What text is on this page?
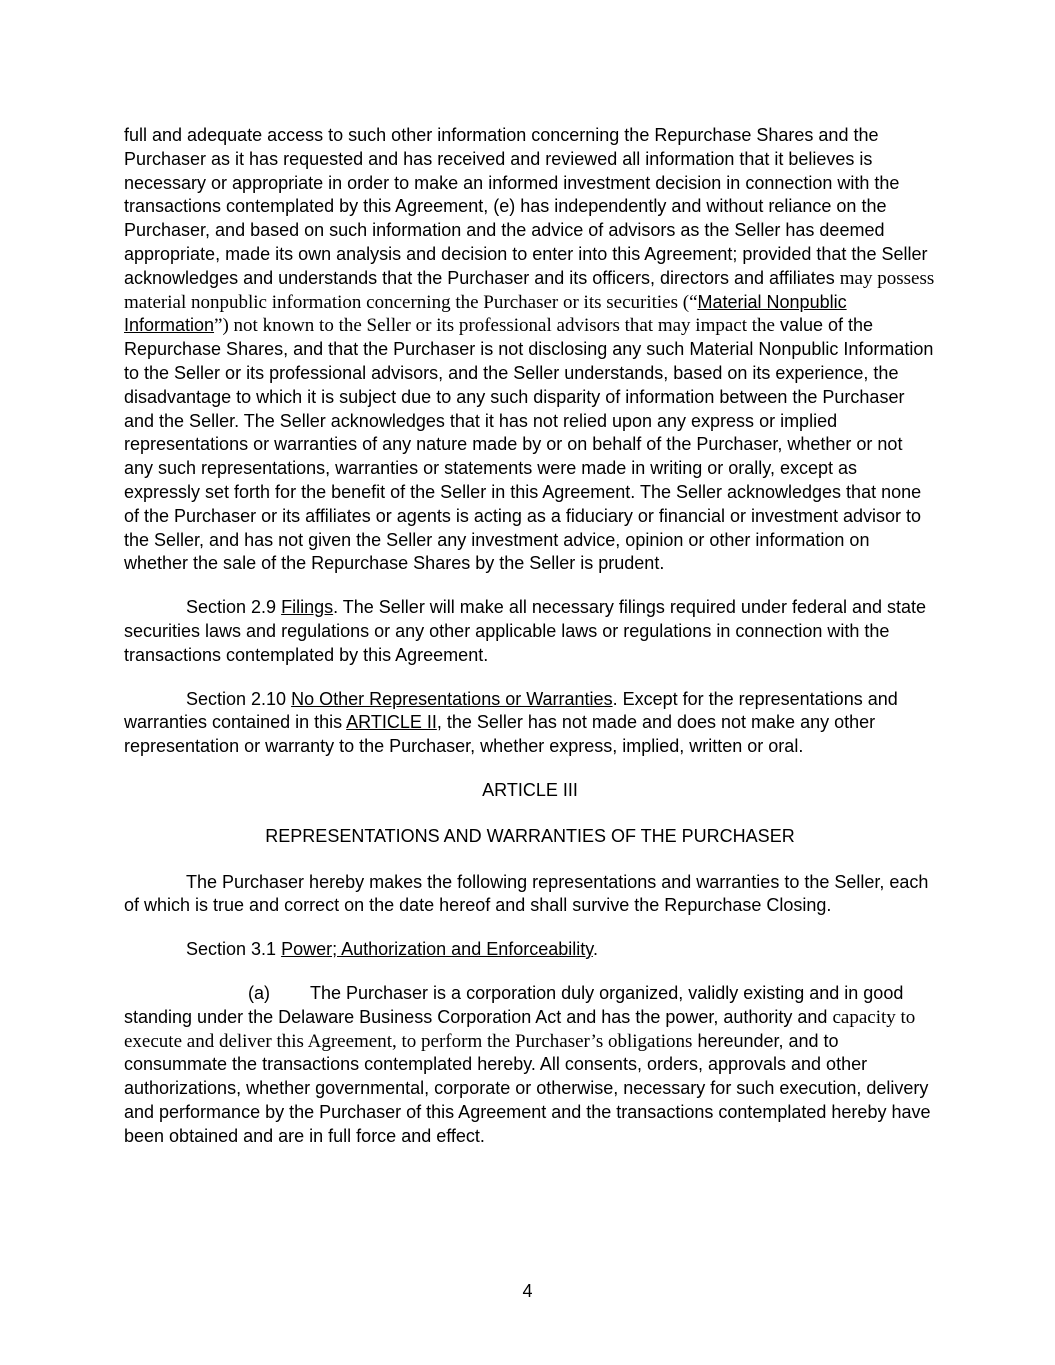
full and adequate access to such other information concerning the Repurchase Shares and the Purchaser as it has requested and has received and reviewed all information that it believes is necessary or appropriate in order to make an informed investment decision in connection with the transactions contemplated by this Agreement, (e) has independently and without reliance on the Purchaser, and based on such information and the advice of advisors as the Seller has deemed appropriate, made its own analysis and decision to enter into this Agreement; provided that the Seller acknowledges and understands that the Purchaser and its officers, directors and affiliates may possess material nonpublic information concerning the Purchaser or its securities (“Material Nonpublic Information”) not known to the Seller or its professional advisors that may impact the value of the Repurchase Shares, and that the Purchaser is not disclosing any such Material Nonpublic Information to the Seller or its professional advisors, and the Seller understands, based on its experience, the disadvantage to which it is subject due to any such disparity of information between the Purchaser and the Seller. The Seller acknowledges that it has not relied upon any express or implied representations or warranties of any nature made by or on behalf of the Purchaser, whether or not any such representations, warranties or statements were made in writing or orally, except as expressly set forth for the benefit of the Seller in this Agreement. The Seller acknowledges that none of the Purchaser or its affiliates or agents is acting as a fiduciary or financial or investment advisor to the Seller, and has not given the Seller any investment advice, opinion or other information on whether the sale of the Repurchase Shares by the Seller is prudent.

Section 2.9 Filings. The Seller will make all necessary filings required under federal and state securities laws and regulations or any other applicable laws or regulations in connection with the transactions contemplated by this Agreement.

Section 2.10 No Other Representations or Warranties. Except for the representations and warranties contained in this ARTICLE II, the Seller has not made and does not make any other representation or warranty to the Purchaser, whether express, implied, written or oral.

ARTICLE III

REPRESENTATIONS AND WARRANTIES OF THE PURCHASER

The Purchaser hereby makes the following representations and warranties to the Seller, each of which is true and correct on the date hereof and shall survive the Repurchase Closing.

Section 3.1 Power; Authorization and Enforceability.

(a) The Purchaser is a corporation duly organized, validly existing and in good standing under the Delaware Business Corporation Act and has the power, authority and capacity to execute and deliver this Agreement, to perform the Purchaser’s obligations hereunder, and to consummate the transactions contemplated hereby. All consents, orders, approvals and other authorizations, whether governmental, corporate or otherwise, necessary for such execution, delivery and performance by the Purchaser of this Agreement and the transactions contemplated hereby have been obtained and are in full force and effect.

4
